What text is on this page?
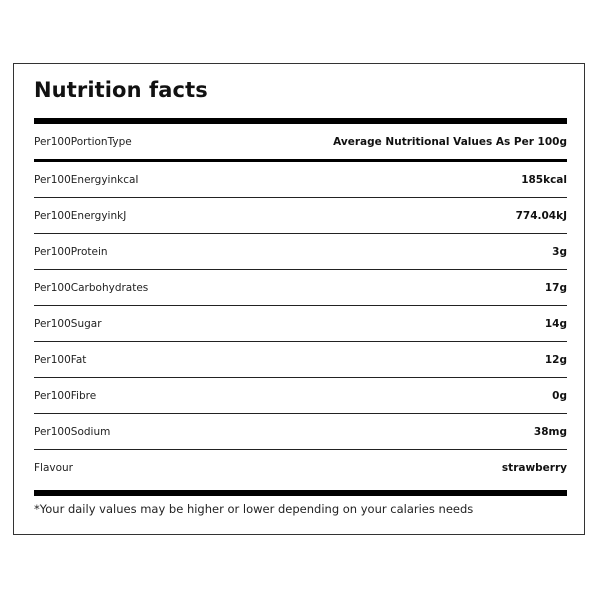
Nutrition facts
Per100PortionType	Average Nutritional Values As Per 100g
Per100EnergyinkcaI	185kcal
Per100EnergyinkJ	774.04kJ
Per100Protein	3g
Per100Carbohydrates	17g
Per100Sugar	14g
Per100Fat	12g
Per100Fibre	0g
Per100Sodium	38mg
Flavour	strawberry
*Your daily values may be higher or lower depending on your calaries needs
